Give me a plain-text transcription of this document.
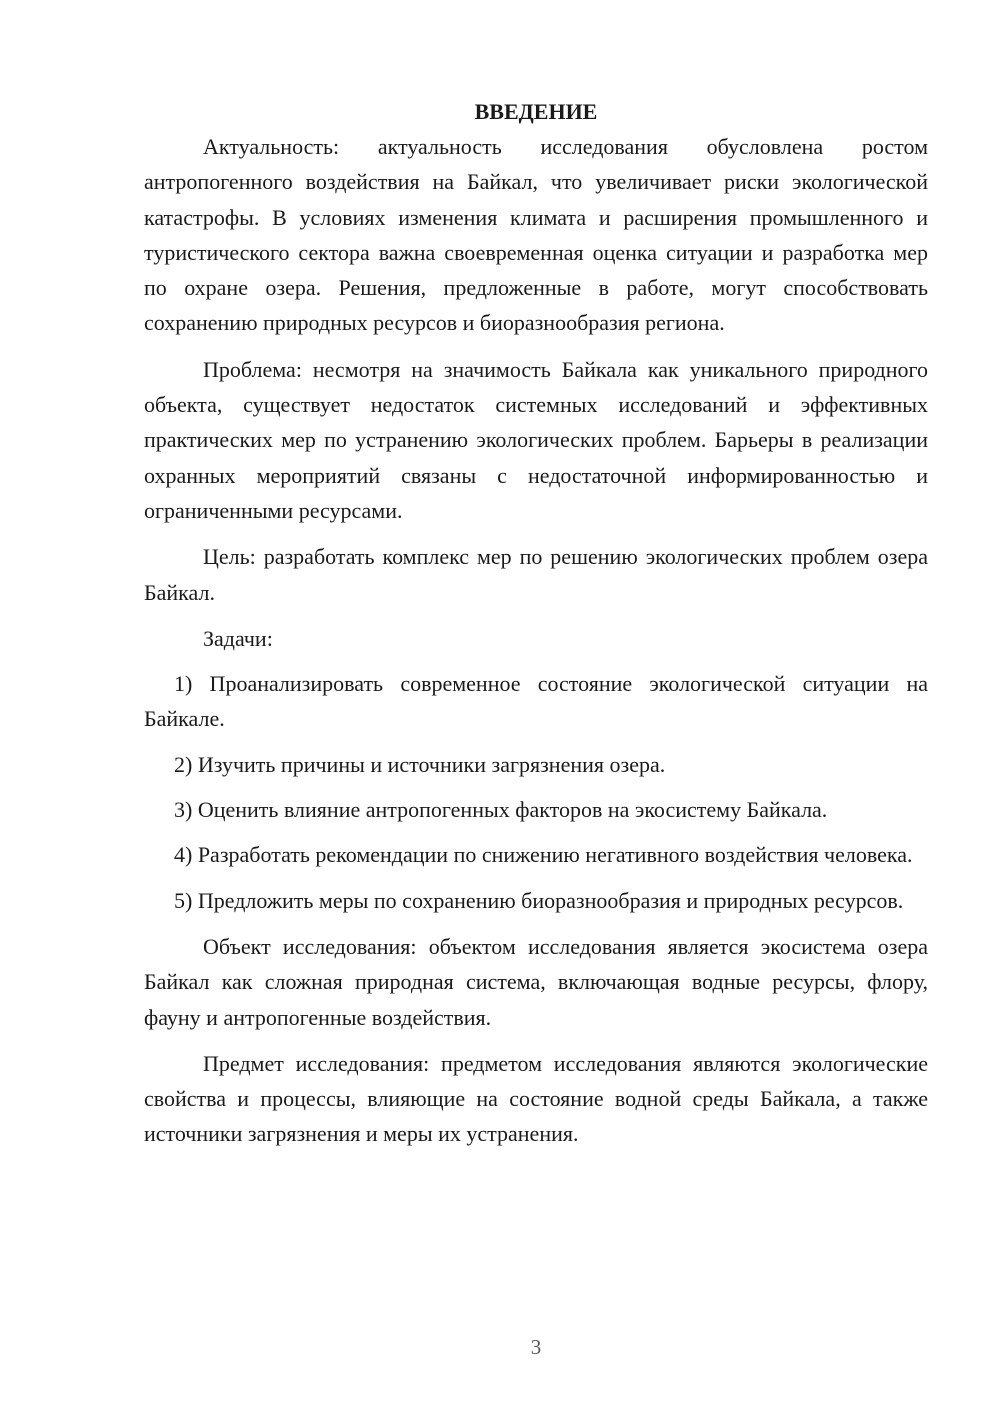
ВВЕДЕНИЕ

Актуальность: актуальность исследования обусловлена ростом антропогенного воздействия на Байкал, что увеличивает риски экологической катастрофы. В условиях изменения климата и расширения промышленного и туристического сектора важна своевременная оценка ситуации и разработка мер по охране озера. Решения, предложенные в работе, могут способствовать сохранению природных ресурсов и биоразнообразия региона.

Проблема: несмотря на значимость Байкала как уникального природного объекта, существует недостаток системных исследований и эффективных практических мер по устранению экологических проблем. Барьеры в реализации охранных мероприятий связаны с недостаточной информированностью и ограниченными ресурсами.

Цель: разработать комплекс мер по решению экологических проблем озера Байкал.

Задачи:

1) Проанализировать современное состояние экологической ситуации на Байкале.

2) Изучить причины и источники загрязнения озера.

3) Оценить влияние антропогенных факторов на экосистему Байкала.

4) Разработать рекомендации по снижению негативного воздействия человека.

5) Предложить меры по сохранению биоразнообразия и природных ресурсов.

Объект исследования: объектом исследования является экосистема озера Байкал как сложная природная система, включающая водные ресурсы, флору, фауну и антропогенные воздействия.

Предмет исследования: предметом исследования являются экологические свойства и процессы, влияющие на состояние водной среды Байкала, а также источники загрязнения и меры их устранения.

3
